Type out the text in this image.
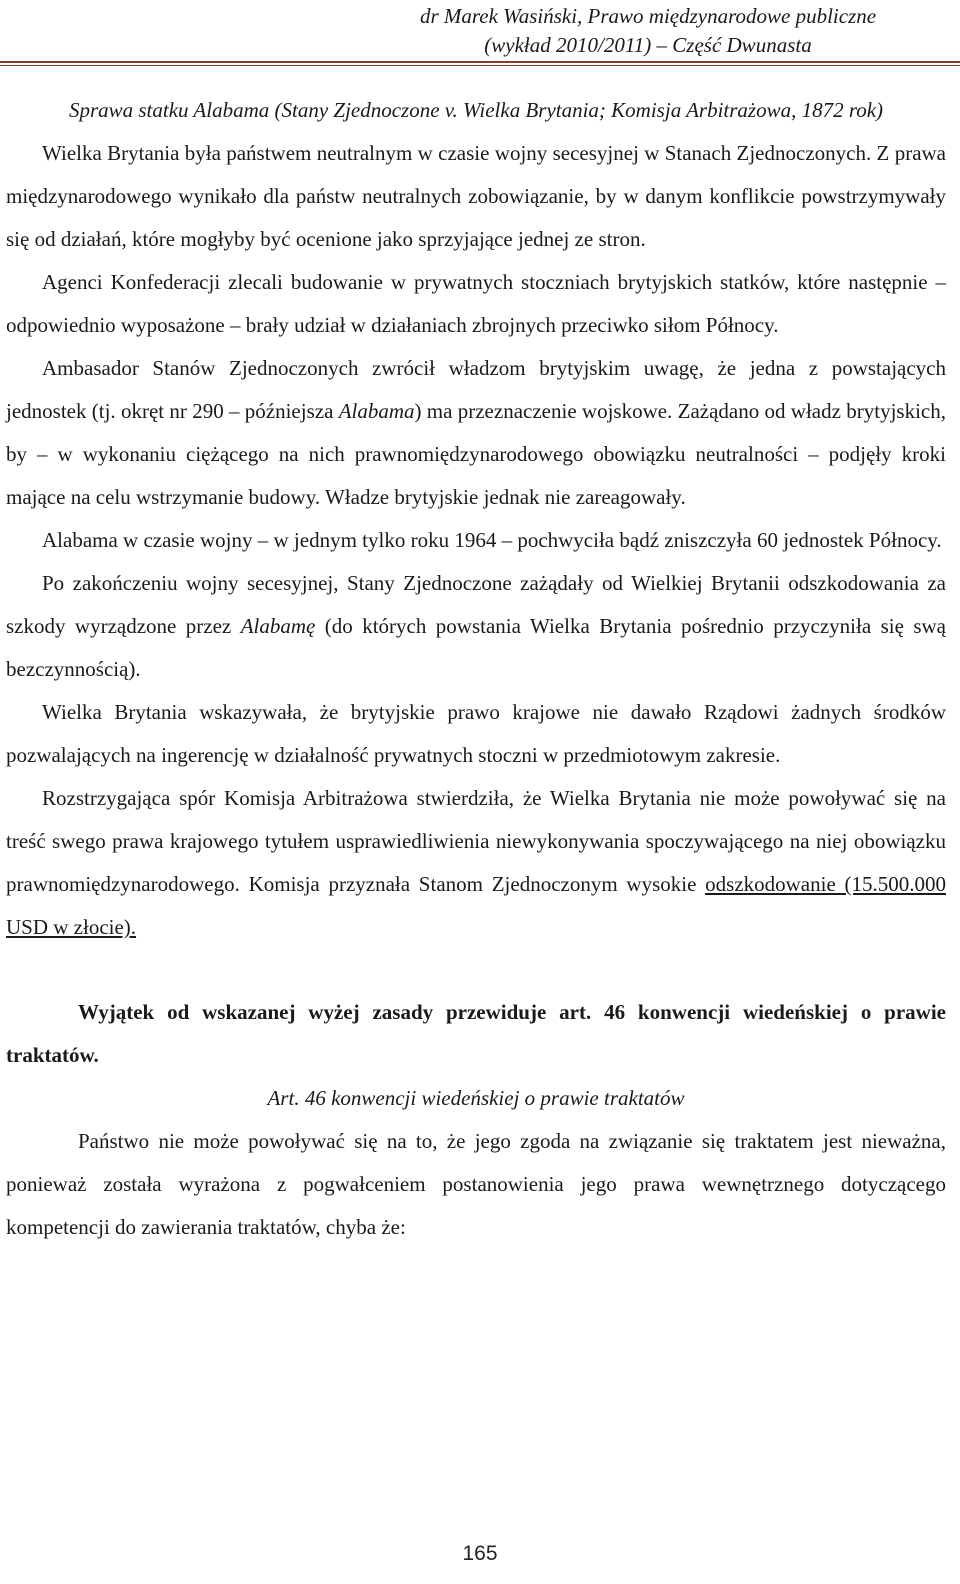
dr Marek Wasiński, Prawo międzynarodowe publiczne
(wykład 2010/2011) – Część Dwunasta

Sprawa statku Alabama (Stany Zjednoczone v. Wielka Brytania; Komisja Arbitrażowa, 1872 rok)

Wielka Brytania była państwem neutralnym w czasie wojny secesyjnej w Stanach Zjednoczonych. Z prawa międzynarodowego wynikało dla państw neutralnych zobowiązanie, by w danym konflikcie powstrzymywały się od działań, które mogłyby być ocenione jako sprzyjające jednej ze stron.

Agenci Konfederacji zlecali budowanie w prywatnych stoczniach brytyjskich statków, które następnie – odpowiednio wyposażone – brały udział w działaniach zbrojnych przeciwko siłom Północy.

Ambasador Stanów Zjednoczonych zwrócił władzom brytyjskim uwagę, że jedna z powstających jednostek (tj. okręt nr 290 – późniejsza Alabama) ma przeznaczenie wojskowe. Zażądano od władz brytyjskich, by – w wykonaniu ciężącego na nich prawnomiędzynarodowego obowiązku neutralności – podjęły kroki mające na celu wstrzymanie budowy. Władze brytyjskie jednak nie zareagowały.

Alabama w czasie wojny – w jednym tylko roku 1964 – pochwyciła bądź zniszczyła 60 jednostek Północy.

Po zakończeniu wojny secesyjnej, Stany Zjednoczone zażądały od Wielkiej Brytanii odszkodowania za szkody wyrządzone przez Alabamę (do których powstania Wielka Brytania pośrednio przyczyniła się swą bezczynnością).

Wielka Brytania wskazywała, że brytyjskie prawo krajowe nie dawało Rządowi żadnych środków pozwalających na ingerencję w działalność prywatnych stoczni w przedmiotowym zakresie.

Rozstrzygająca spór Komisja Arbitrażowa stwierdziła, że Wielka Brytania nie może powoływać się na treść swego prawa krajowego tytułem usprawiedliwienia niewykonywania spoczywającego na niej obowiązku prawnomiędzynarodowego. Komisja przyznała Stanom Zjednoczonym wysokie odszkodowanie (15.500.000 USD w złocie).

Wyjątek od wskazanej wyżej zasady przewiduje art. 46 konwencji wiedeńskiej o prawie traktatów.

Art. 46 konwencji wiedeńskiej o prawie traktatów

Państwo nie może powoływać się na to, że jego zgoda na związanie się traktatem jest nieważna, ponieważ została wyrażona z pogwałceniem postanowienia jego prawa wewnętrznego dotyczącego kompetencji do zawierania traktatów, chyba że:

165
